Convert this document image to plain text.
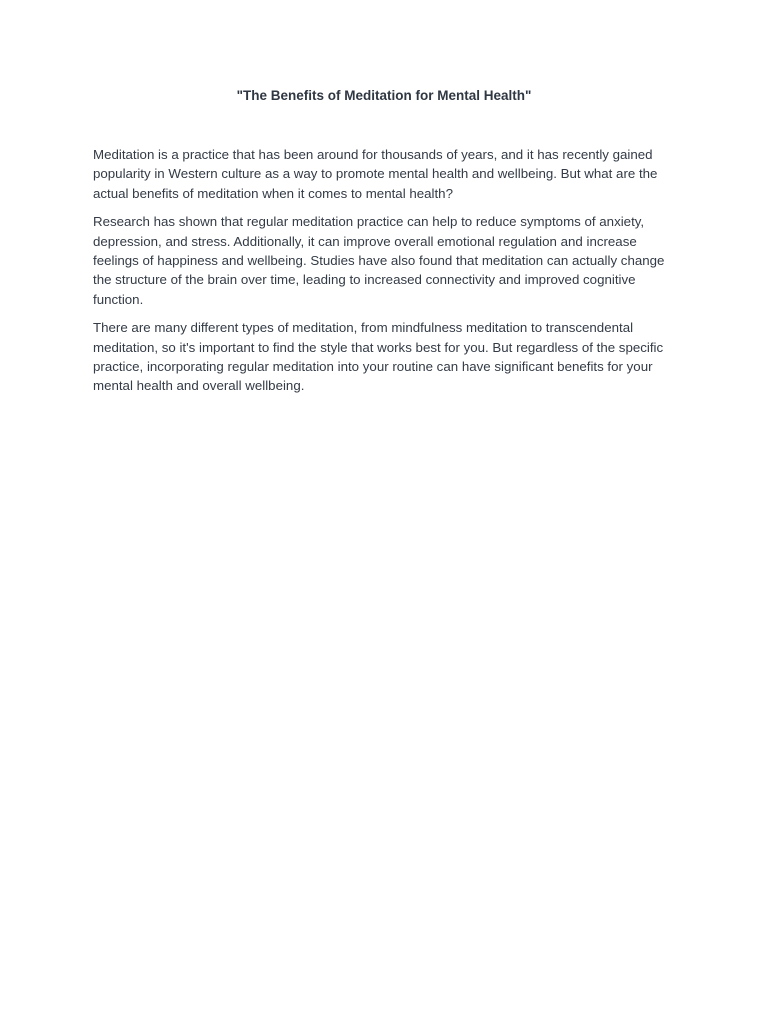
"The Benefits of Meditation for Mental Health"

Meditation is a practice that has been around for thousands of years, and it has recently gained popularity in Western culture as a way to promote mental health and wellbeing. But what are the actual benefits of meditation when it comes to mental health?

Research has shown that regular meditation practice can help to reduce symptoms of anxiety, depression, and stress. Additionally, it can improve overall emotional regulation and increase feelings of happiness and wellbeing. Studies have also found that meditation can actually change the structure of the brain over time, leading to increased connectivity and improved cognitive function.

There are many different types of meditation, from mindfulness meditation to transcendental meditation, so it's important to find the style that works best for you. But regardless of the specific practice, incorporating regular meditation into your routine can have significant benefits for your mental health and overall wellbeing.
